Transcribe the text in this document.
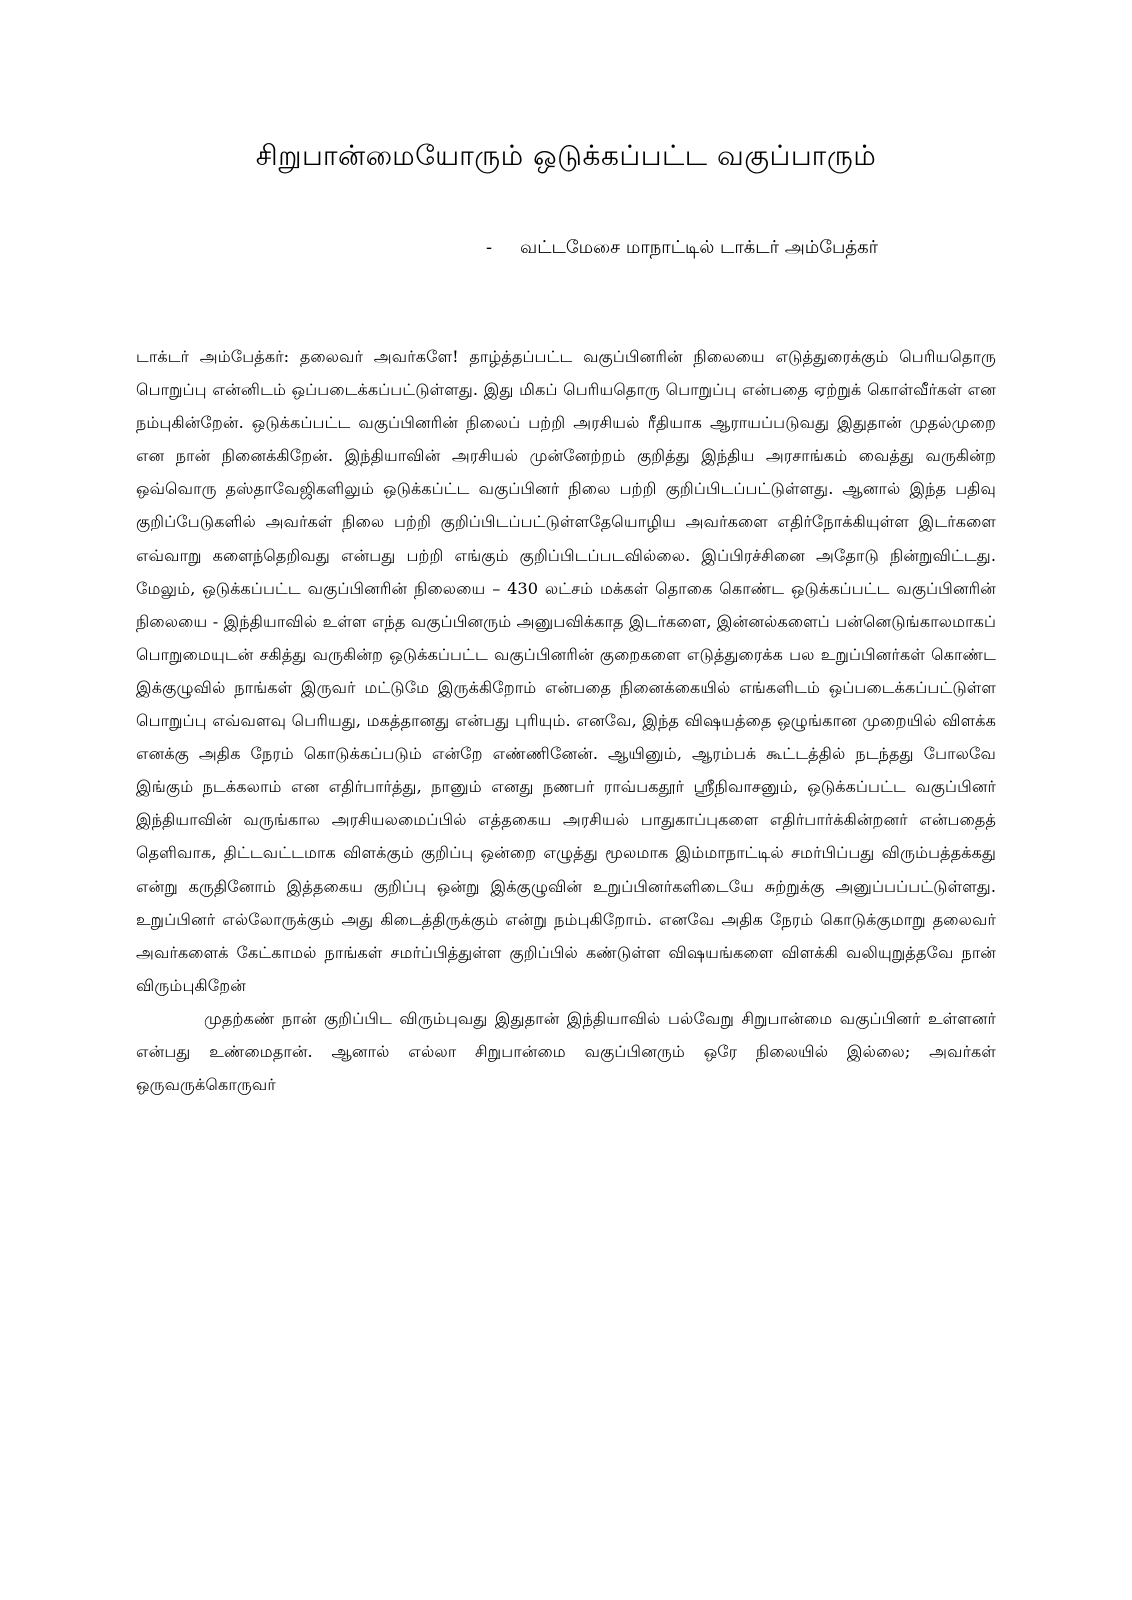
சிறுபான்மையோரும் ஒடுக்கப்பட்ட வகுப்பாரும்
- வட்டமேசை மாநாட்டில் டாக்டர் அம்பேத்கர்

டாக்டர் அம்பேத்கர்: தலைவர் அவர்களே! தாழ்த்தப்பட்ட வகுப்பினரின் நிலையை எடுத்துரைக்கும் பெரியதொரு பொறுப்பு என்னிடம் ஒப்படைக்கப்பட்டுள்ளது. இது மிகப் பெரியதொரு பொறுப்பு என்பதை ஏற்றுக் கொள்வீர்கள் என நம்புகின்றேன். ஒடுக்கப்பட்ட வகுப்பினரின் நிலைப் பற்றி அரசியல் ரீதியாக ஆராயப்படுவது இதுதான் முதல்முறை என நான் நினைக்கிறேன். இந்தியாவின் அரசியல் முன்னேற்றம் குறித்து இந்திய அரசாங்கம் வைத்து வருகின்ற ஒவ்வொரு தஸ்தாவேஜிகளிலும் ஒடுக்கப்ட்ட வகுப்பினர் நிலை பற்றி குறிப்பிடப்பட்டுள்ளது. ஆனால் இந்த பதிவு குறிப்பேடுகளில் அவர்கள் நிலை பற்றி குறிப்பிடப்பட்டுள்ளதேயொழிய அவர்களை எதிர்நோக்கியுள்ள இடர்களை எவ்வாறு களைந்தெறிவது என்பது பற்றி எங்கும் குறிப்பிடப்படவில்லை. இப்பிரச்சினை அதோடு நின்றுவிட்டது. மேலும், ஒடுக்கப்பட்ட வகுப்பினரின் நிலையை – 430 லட்சம் மக்கள் தொகை கொண்ட ஒடுக்கப்பட்ட வகுப்பினரின் நிலையை - இந்தியாவில் உள்ள எந்த வகுப்பினரும் அனுபவிக்காத இடர்களை, இன்னல்களைப் பன்னெடுங்காலமாகப் பொறுமையுடன் சகித்து வருகின்ற ஒடுக்கப்பட்ட வகுப்பினரின் குறைகளை எடுத்துரைக்க பல உறுப்பினர்கள் கொண்ட இக்குழுவில் நாங்கள் இருவர் மட்டுமே இருக்கிறோம் என்பதை நினைக்கையில் எங்களிடம் ஒப்படைக்கப்பட்டுள்ள பொறுப்பு எவ்வளவு பெரியது, மகத்தானது என்பது புரியும். எனவே, இந்த விஷயத்தை ஒழுங்கான முறையில் விளக்க எனக்கு அதிக நேரம் கொடுக்கப்படும் என்றே எண்ணினேன். ஆயினும், ஆரம்பக் கூட்டத்தில் நடந்தது போலவே இங்கும் நடக்கலாம் என எதிர்பார்த்து, நானும் எனது நணபர் ராவ்பகதூர் ஸ்ரீநிவாசனும், ஒடுக்கப்பட்ட வகுப்பினர் இந்தியாவின் வருங்கால அரசியலமைப்பில் எத்தகைய அரசியல் பாதுகாப்புகளை எதிர்பார்க்கின்றனர் என்பதைத் தெளிவாக, திட்டவட்டமாக விளக்கும் குறிப்பு ஒன்றை எழுத்து மூலமாக இம்மாநாட்டில் சமர்பிப்பது விரும்பத்தக்கது என்று கருதினோம் இத்தகைய குறிப்பு ஒன்று இக்குழுவின் உறுப்பினர்களிடையே சுற்றுக்கு அனுப்பப்பட்டுள்ளது. உறுப்பினர் எல்லோருக்கும் அது கிடைத்திருக்கும் என்று நம்புகிறோம். எனவே அதிக நேரம் கொடுக்குமாறு தலைவர் அவர்களைக் கேட்காமல் நாங்கள் சமர்ப்பித்துள்ள குறிப்பில் கண்டுள்ள விஷயங்களை விளக்கி வலியுறுத்தவே நான் விரும்புகிறேன்

முதற்கண் நான் குறிப்பிட விரும்புவது இதுதான் இந்தியாவில் பல்வேறு சிறுபான்மை வகுப்பினர் உள்ளனர் என்பது உண்மைதான். ஆனால் எல்லா சிறுபான்மை வகுப்பினரும் ஒரே நிலையில் இல்லை; அவர்கள் ஒருவருக்கொருவர்
